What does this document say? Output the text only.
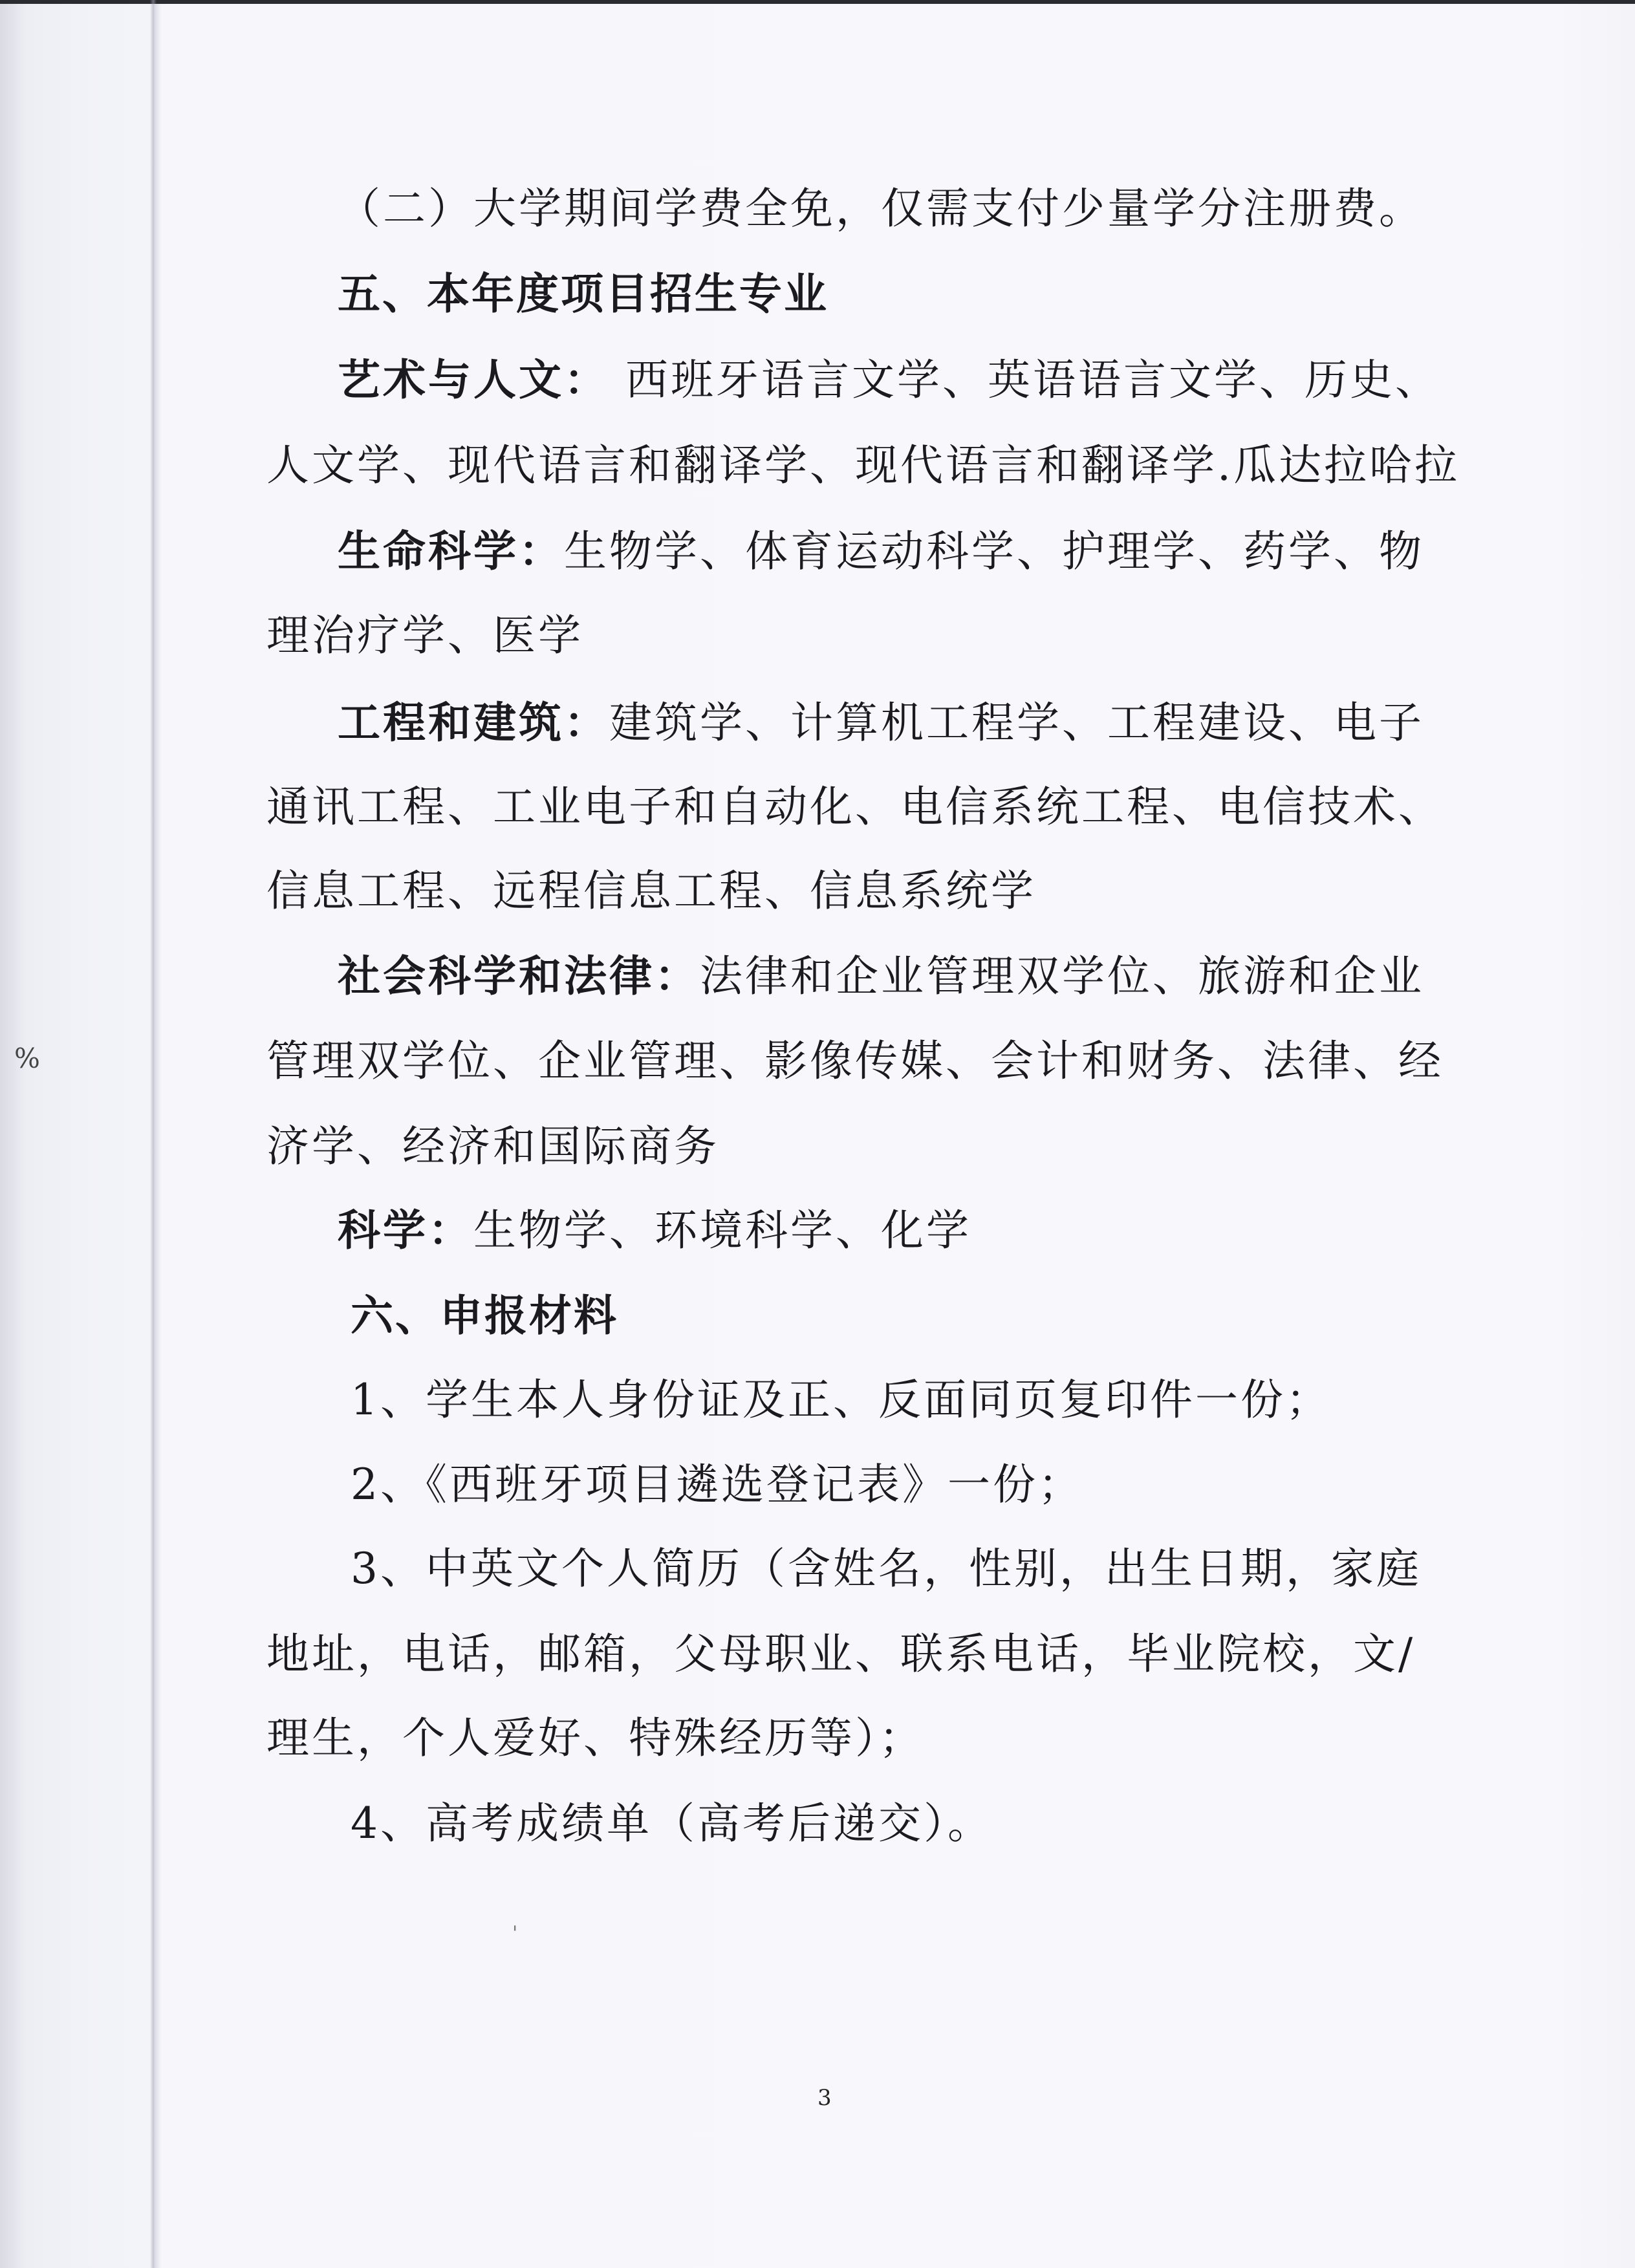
%
'
（二）大学期间学费全免，仅需支付少量学分注册费。
五、本年度项目招生专业
艺术与人文： 西班牙语言文学、英语语言文学、历史、
人文学、现代语言和翻译学、现代语言和翻译学.瓜达拉哈拉
生命科学：生物学、体育运动科学、护理学、药学、物
理治疗学、医学
工程和建筑：建筑学、计算机工程学、工程建设、电子
通讯工程、工业电子和自动化、电信系统工程、电信技术、
信息工程、远程信息工程、信息系统学
社会科学和法律：法律和企业管理双学位、旅游和企业
管理双学位、企业管理、影像传媒、会计和财务、法律、经
济学、经济和国际商务
科学：生物学、环境科学、化学
六、申报材料
1、学生本人身份证及正、反面同页复印件一份；
2、《西班牙项目遴选登记表》一份；
3、中英文个人简历（含姓名，性别，出生日期，家庭
地址，电话，邮箱，父母职业、联系电话，毕业院校，文/
理生，个人爱好、特殊经历等）；
4、高考成绩单（高考后递交）。
3
